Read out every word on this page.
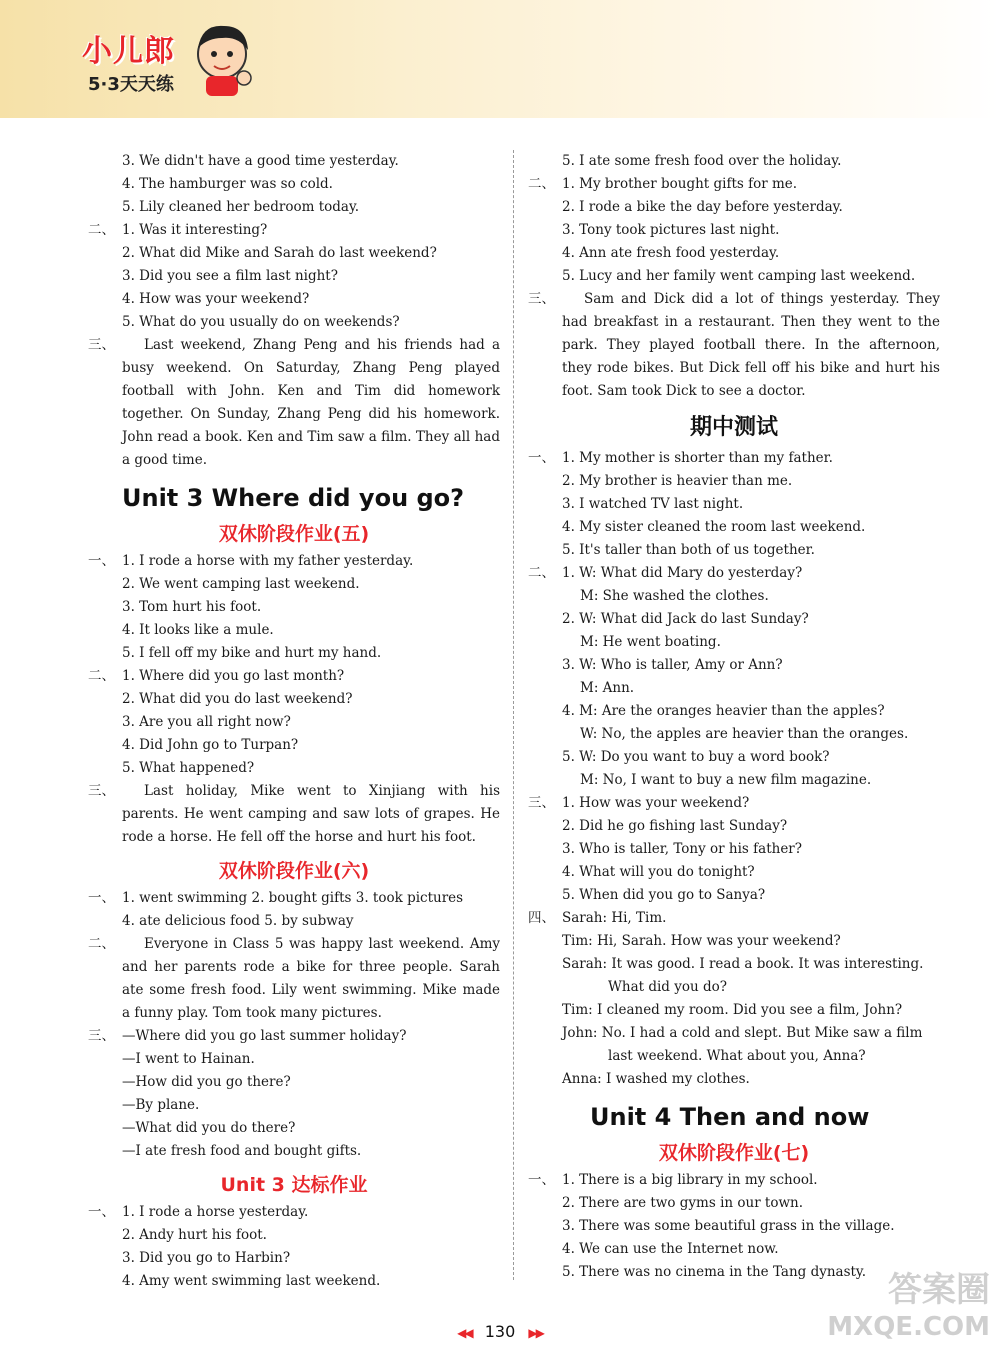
小儿郎
5·3天天练
3. We didn't have a good time yesterday.
4. The hamburger was so cold.
5. Lily cleaned her bedroom today.
二、 1. Was it interesting?
2. What did Mike and Sarah do last weekend?
3. Did you see a film last night?
4. How was your weekend?
5. What do you usually do on weekends?
三、 Last weekend, Zhang Peng and his friends had a busy weekend. On Saturday, Zhang Peng played football with John. Ken and Tim did homework together. On Sunday, Zhang Peng did his homework. John read a book. Ken and Tim saw a film. They all had a good time.
Unit 3 Where did you go?
双休阶段作业(五)
一、 1. I rode a horse with my father yesterday.
2. We went camping last weekend.
3. Tom hurt his foot.
4. It looks like a mule.
5. I fell off my bike and hurt my hand.
二、 1. Where did you go last month?
2. What did you do last weekend?
3. Are you all right now?
4. Did John go to Turpan?
5. What happened?
三、 Last holiday, Mike went to Xinjiang with his parents. He went camping and saw lots of grapes. He rode a horse. He fell off the horse and hurt his foot.
双休阶段作业(六)
一、 1. went swimming 2. bought gifts 3. took pictures
4. ate delicious food 5. by subway
二、 Everyone in Class 5 was happy last weekend. Amy and her parents rode a bike for three people. Sarah ate some fresh food. Lily went swimming. Mike made a funny play. Tom took many pictures.
三、 —Where did you go last summer holiday?
—I went to Hainan.
—How did you go there?
—By plane.
—What did you do there?
—I ate fresh food and bought gifts.
Unit 3 达标作业
一、 1. I rode a horse yesterday.
2. Andy hurt his foot.
3. Did you go to Harbin?
4. Amy went swimming last weekend.
5. I ate some fresh food over the holiday.
二、 1. My brother bought gifts for me.
2. I rode a bike the day before yesterday.
3. Tony took pictures last night.
4. Ann ate fresh food yesterday.
5. Lucy and her family went camping last weekend.
三、 Sam and Dick did a lot of things yesterday. They had breakfast in a restaurant. Then they went to the park. They played football there. In the afternoon, they rode bikes. But Dick fell off his bike and hurt his foot. Sam took Dick to see a doctor.
期中测试
一、 1. My mother is shorter than my father.
2. My brother is heavier than me.
3. I watched TV last night.
4. My sister cleaned the room last weekend.
5. It's taller than both of us together.
二、 1. W: What did Mary do yesterday?
M: She washed the clothes.
2. W: What did Jack do last Sunday?
M: He went boating.
3. W: Who is taller, Amy or Ann?
M: Ann.
4. M: Are the oranges heavier than the apples?
W: No, the apples are heavier than the oranges.
5. W: Do you want to buy a word book?
M: No, I want to buy a new film magazine.
三、 1. How was your weekend?
2. Did he go fishing last Sunday?
3. Who is taller, Tony or his father?
4. What will you do tonight?
5. When did you go to Sanya?
四、 Sarah: Hi, Tim.
Tim: Hi, Sarah. How was your weekend?
Sarah: It was good. I read a book. It was interesting.
What did you do?
Tim: I cleaned my room. Did you see a film, John?
John: No. I had a cold and slept. But Mike saw a film
last weekend. What about you, Anna?
Anna: I washed my clothes.
Unit 4 Then and now
双休阶段作业(七)
一、 1. There is a big library in my school.
2. There are two gyms in our town.
3. There was some beautiful grass in the village.
4. We can use the Internet now.
5. There was no cinema in the Tang dynasty.
◀◀ 130 ▶▶
答案圈
MXQE.COM
